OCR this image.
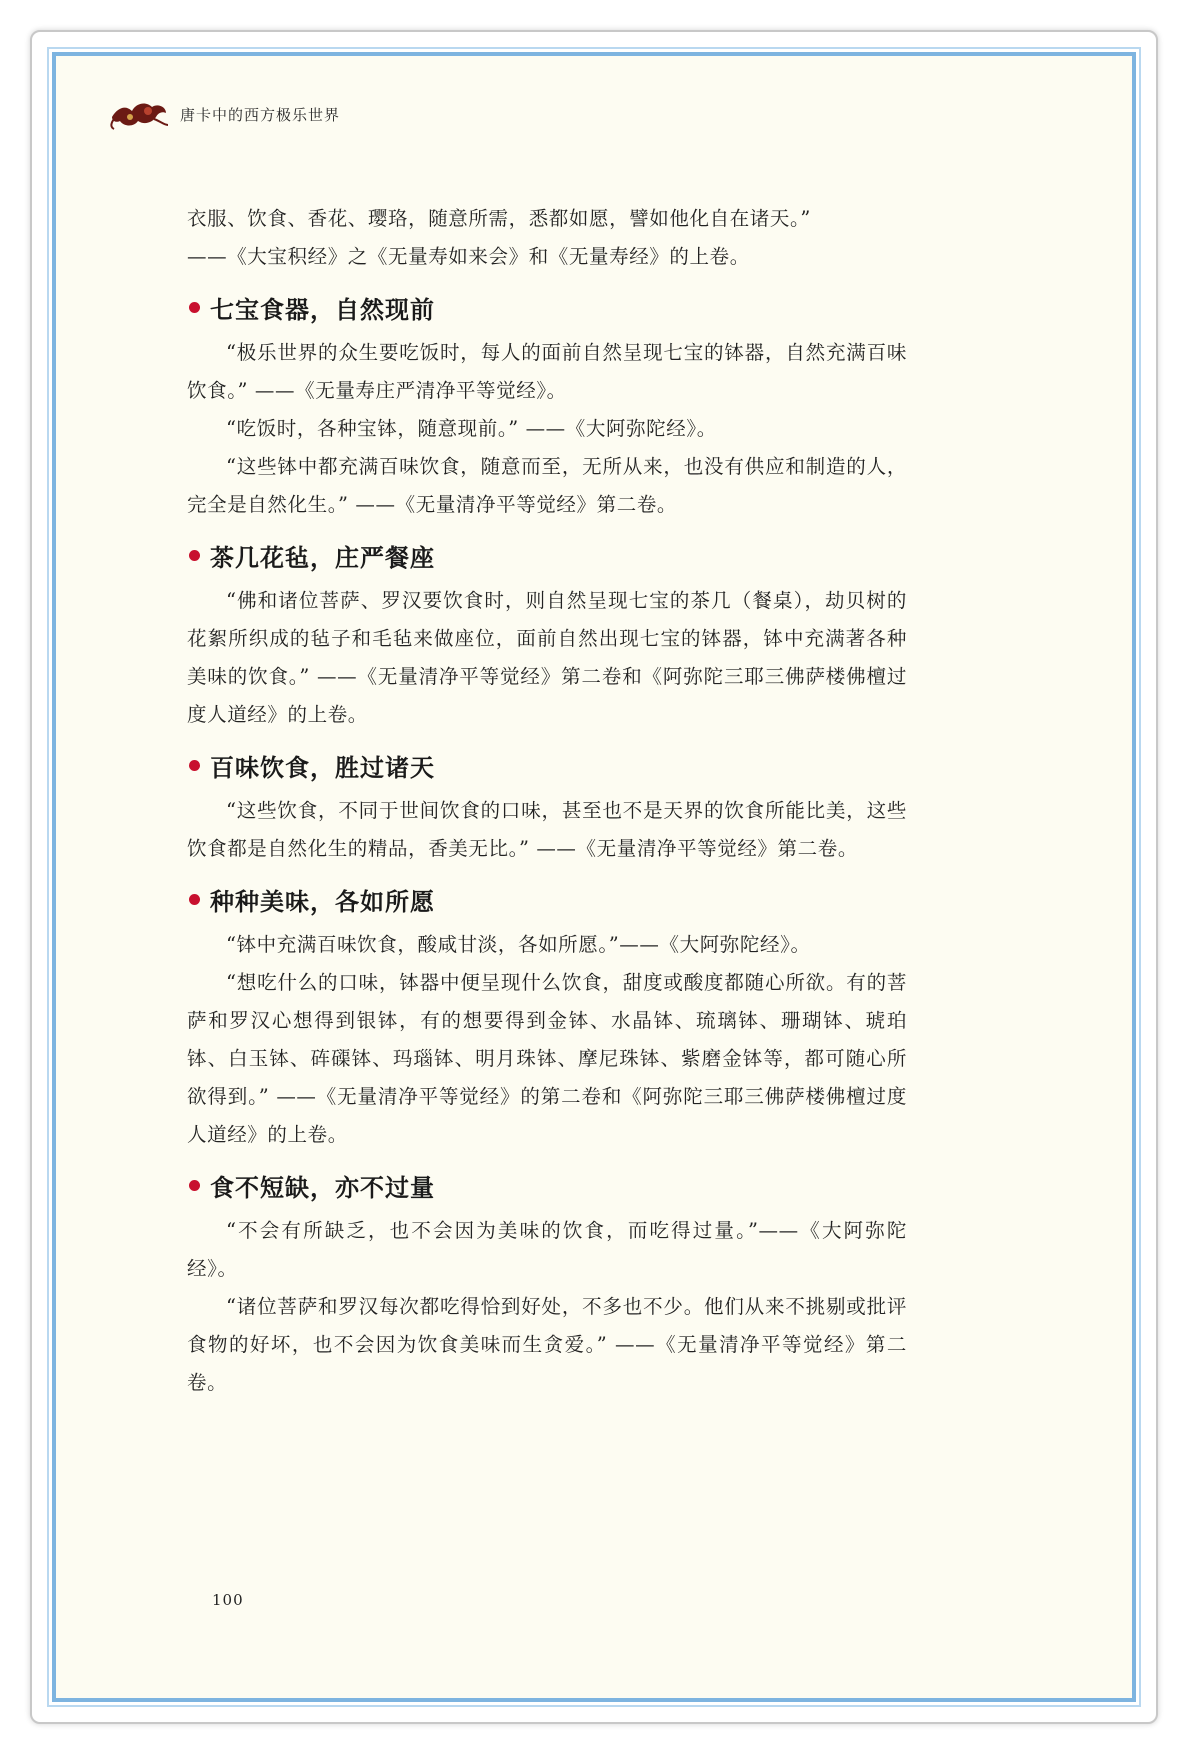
唐卡中的西方极乐世界

衣服、饮食、香花、璎珞，随意所需，悉都如愿，譬如他化自在诸天。”

——《大宝积经》之《无量寿如来会》和《无量寿经》的上卷。

七宝食器，自然现前

“极乐世界的众生要吃饭时，每人的面前自然呈现七宝的钵器，自然充满百味饮食。” ——《无量寿庄严清净平等觉经》。

“吃饭时，各种宝钵，随意现前。” ——《大阿弥陀经》。

“这些钵中都充满百味饮食，随意而至，无所从来，也没有供应和制造的人，完全是自然化生。” ——《无量清净平等觉经》第二卷。

茶几花毡，庄严餐座

“佛和诸位菩萨、罗汉要饮食时，则自然呈现七宝的茶几（餐桌），劫贝树的花絮所织成的毡子和毛毡来做座位，面前自然出现七宝的钵器，钵中充满著各种美味的饮食。” ——《无量清净平等觉经》第二卷和《阿弥陀三耶三佛萨楼佛檀过度人道经》的上卷。

百味饮食，胜过诸天

“这些饮食，不同于世间饮食的口味，甚至也不是天界的饮食所能比美，这些饮食都是自然化生的精品，香美无比。” ——《无量清净平等觉经》第二卷。

种种美味，各如所愿

“钵中充满百味饮食，酸咸甘淡，各如所愿。”——《大阿弥陀经》。

“想吃什么的口味，钵器中便呈现什么饮食，甜度或酸度都随心所欲。有的菩萨和罗汉心想得到银钵，有的想要得到金钵、水晶钵、琉璃钵、珊瑚钵、琥珀钵、白玉钵、砗磲钵、玛瑙钵、明月珠钵、摩尼珠钵、紫磨金钵等，都可随心所欲得到。” ——《无量清净平等觉经》的第二卷和《阿弥陀三耶三佛萨楼佛檀过度人道经》的上卷。

食不短缺，亦不过量

“不会有所缺乏，也不会因为美味的饮食，而吃得过量。”——《大阿弥陀经》。

“诸位菩萨和罗汉每次都吃得恰到好处，不多也不少。他们从来不挑剔或批评食物的好坏，也不会因为饮食美味而生贪爱。” ——《无量清净平等觉经》第二卷。

100
